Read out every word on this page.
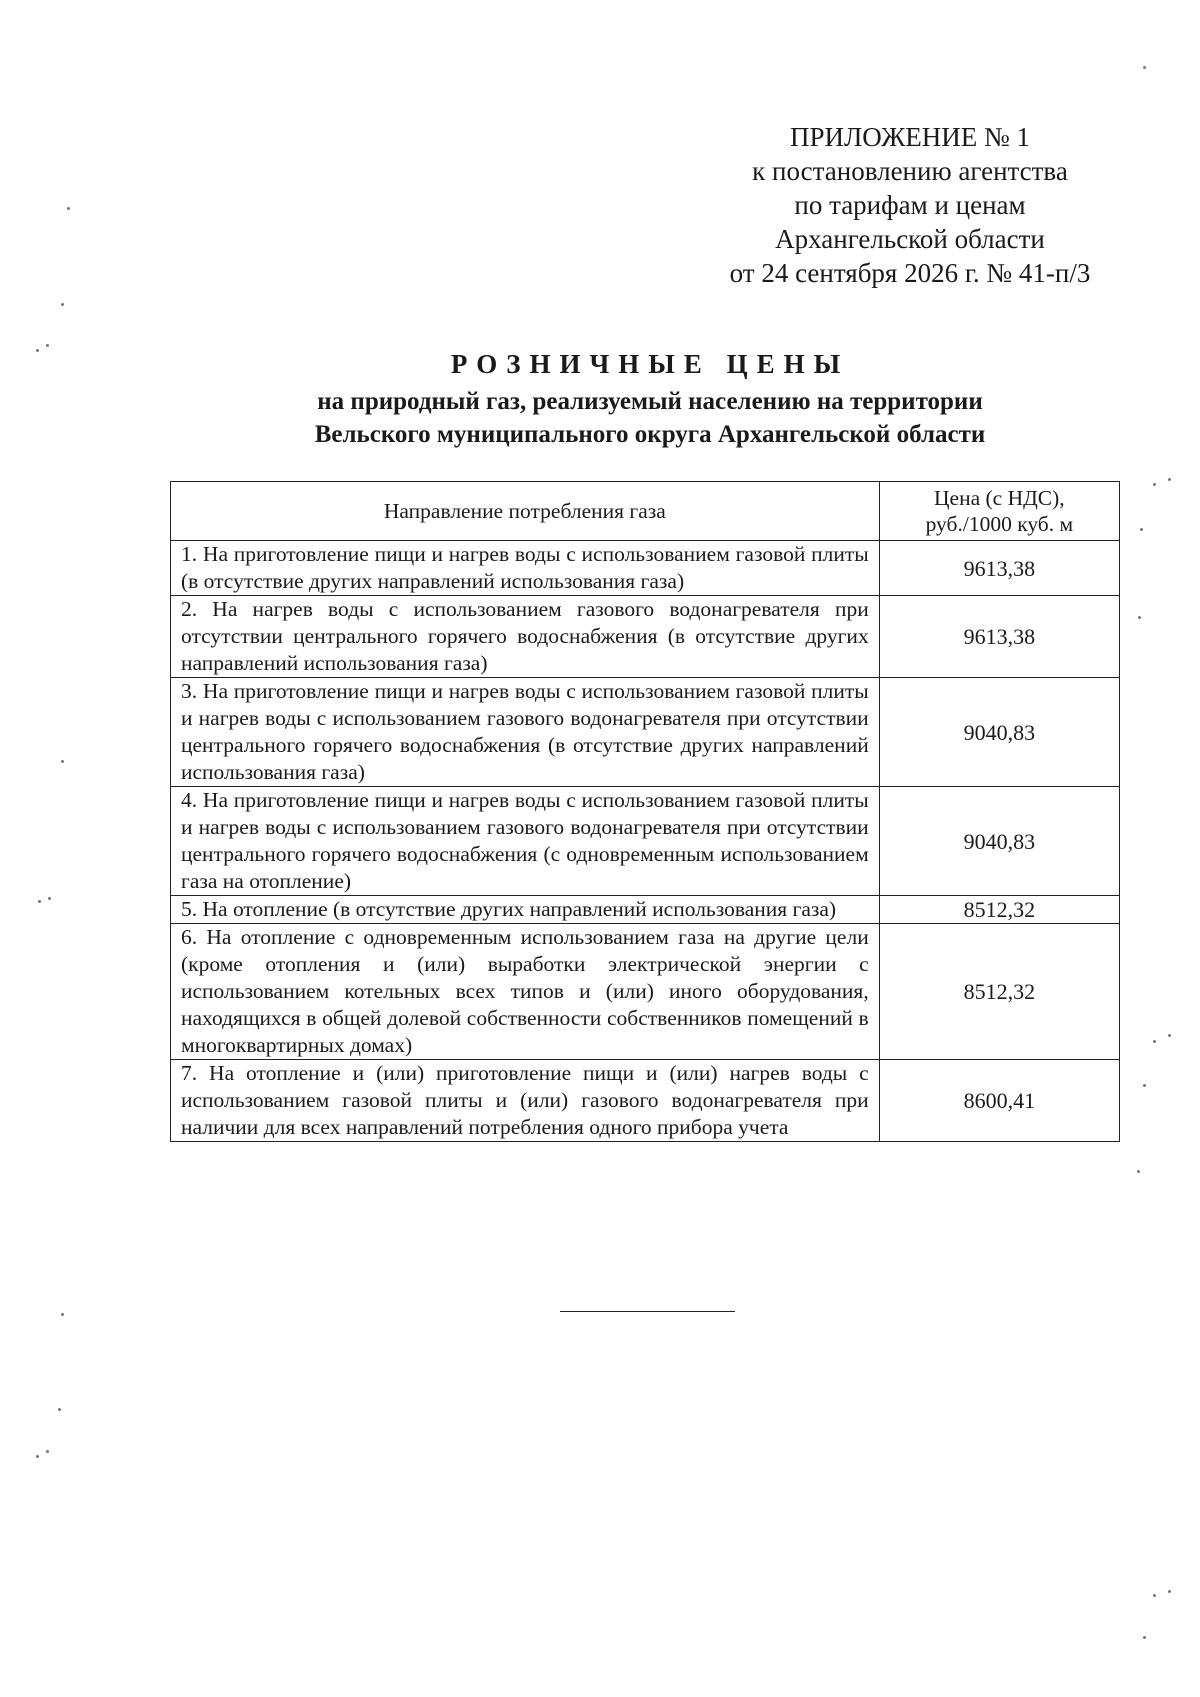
ПРИЛОЖЕНИЕ № 1
к постановлению агентства
по тарифам и ценам
Архангельской области
от 24 сентября 2026 г. № 41-п/3
РОЗНИЧНЫЕ ЦЕНЫ
на природный газ, реализуемый населению на территории
Вельского муниципального округа Архангельской области
Направление потребления газа	Цена (с НДС),
руб./1000 куб. м
1. На приготовление пищи и нагрев воды с использованием газовой плиты (в отсутствие других направлений использования газа)	9613,38
2. На нагрев воды с использованием газового водонагревателя при отсутствии центрального горячего водоснабжения (в отсутствие других направлений использования газа)	9613,38
3. На приготовление пищи и нагрев воды с использованием газовой плиты и нагрев воды с использованием газового водонагревателя при отсутствии центрального горячего водоснабжения (в отсутствие других направлений использования газа)	9040,83
4. На приготовление пищи и нагрев воды с использованием газовой плиты и нагрев воды с использованием газового водонагревателя при отсутствии центрального горячего водоснабжения (с одновременным использованием газа на отопление)	9040,83
5. На отопление (в отсутствие других направлений использования газа)	8512,32
6. На отопление с одновременным использованием газа на другие цели (кроме отопления и (или) выработки электрической энергии с использованием котельных всех типов и (или) иного оборудования, находящихся в общей долевой собственности собственников помещений в многоквартирных домах)	8512,32
7. На отопление и (или) приготовление пищи и (или) нагрев воды с использованием газовой плиты и (или) газового водонагревателя при наличии для всех направлений потребления одного прибора учета	8600,41
